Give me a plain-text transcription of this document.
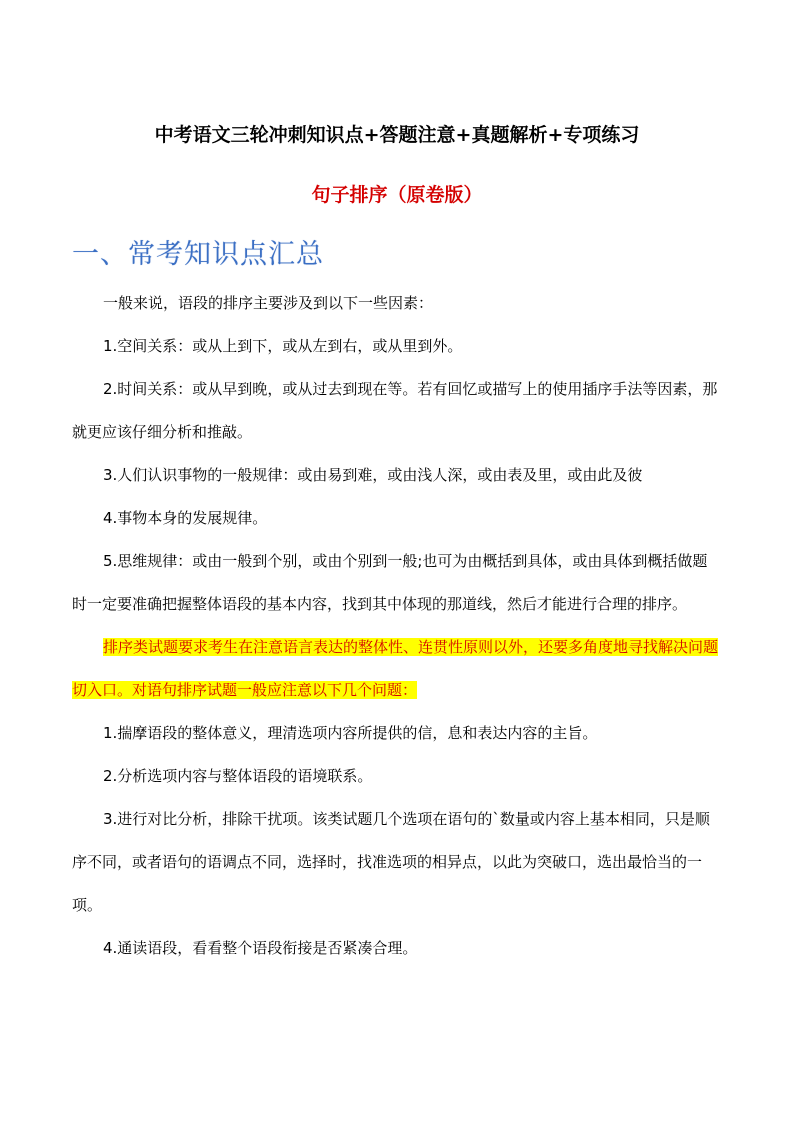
中考语文三轮冲刺知识点+答题注意+真题解析+专项练习
句子排序（原卷版）
一、常考知识点汇总

一般来说，语段的排序主要涉及到以下一些因素：

1.空间关系：或从上到下，或从左到右，或从里到外。

2.时间关系：或从早到晚，或从过去到现在等。若有回忆或描写上的使用插序手法等因素，那就更应该仔细分析和推敲。

3.人们认识事物的一般规律：或由易到难，或由浅人深，或由表及里，或由此及彼

4.事物本身的发展规律。

5.思维规律：或由一般到个别，或由个别到一般;也可为由概括到具体，或由具体到概括做题时一定要准确把握整体语段的基本内容，找到其中体现的那道线，然后才能进行合理的排序。

排序类试题要求考生在注意语言表达的整体性、连贯性原则以外，还要多角度地寻找解决问题切入口。对语句排序试题一般应注意以下几个问题：

1.揣摩语段的整体意义，理清选项内容所提供的信，息和表达内容的主旨。

2.分析选项内容与整体语段的语境联系。

3.进行对比分析，排除干扰项。该类试题几个选项在语句的`数量或内容上基本相同，只是顺序不同，或者语句的语调点不同，选择时，找准选项的相异点，以此为突破口，选出最恰当的一项。

4.通读语段，看看整个语段衔接是否紧凑合理。
